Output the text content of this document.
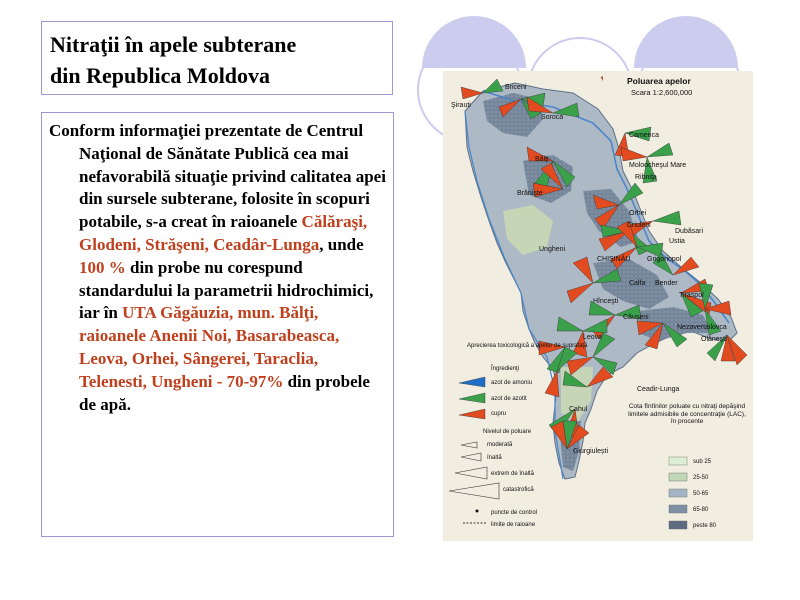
Nitraţii în apele subterane
din Republica Moldova

Conform informaţiei prezentate de Centrul Naţional de Sănătate Publică cea mai nefavorabilă situaţie privind calitatea apei din sursele subterane, folosite în scopuri potabile, s-a creat în raioanele Călăraşi, Glodeni, Străşeni, Ceadâr-Lunga, unde 100 % din probe nu corespund standardului la parametrii hidrochimici, iar în UTA Găgăuzia, mun. Bălţi, raioanele Anenii Noi, Basarabeasca, Leova, Orhei, Sângerei, Taraclia, Telenesti, Ungheni - 70-97% din probele de apă.

Briceni
Şirauti
Soroca
Camenca
Bălţi
Moloocheşul Mare
Ribniţa
Brăniște
Orhei
Criuleni
Dubăsari
Ustia
Ungheni
CHIŞINĂU Grigoriopol
Calfa Bender
Tiraspol
Hînceşti
Căuşeni
Nezavertailovca
Olăneşti
Leova
Ceadir-Lunga
Cahul
Giurgiulești
Poluarea apelor
Scara 1:2,600,000
Aprecierea toxicologică a apelor de suprafaţă
Îngredienţi
azot de amoniu
azot de azotit
cupru
Nivelul de poluare
moderată
înaltă
extrem de înaltă
catastrofică
puncte de control
limite de raioane
Cota fîntînilor poluate cu nitraţi depăşind limitele admisibile de concentraţie (LAC), în procente
sub 25
25-50
50-65
65-80
peste 80
